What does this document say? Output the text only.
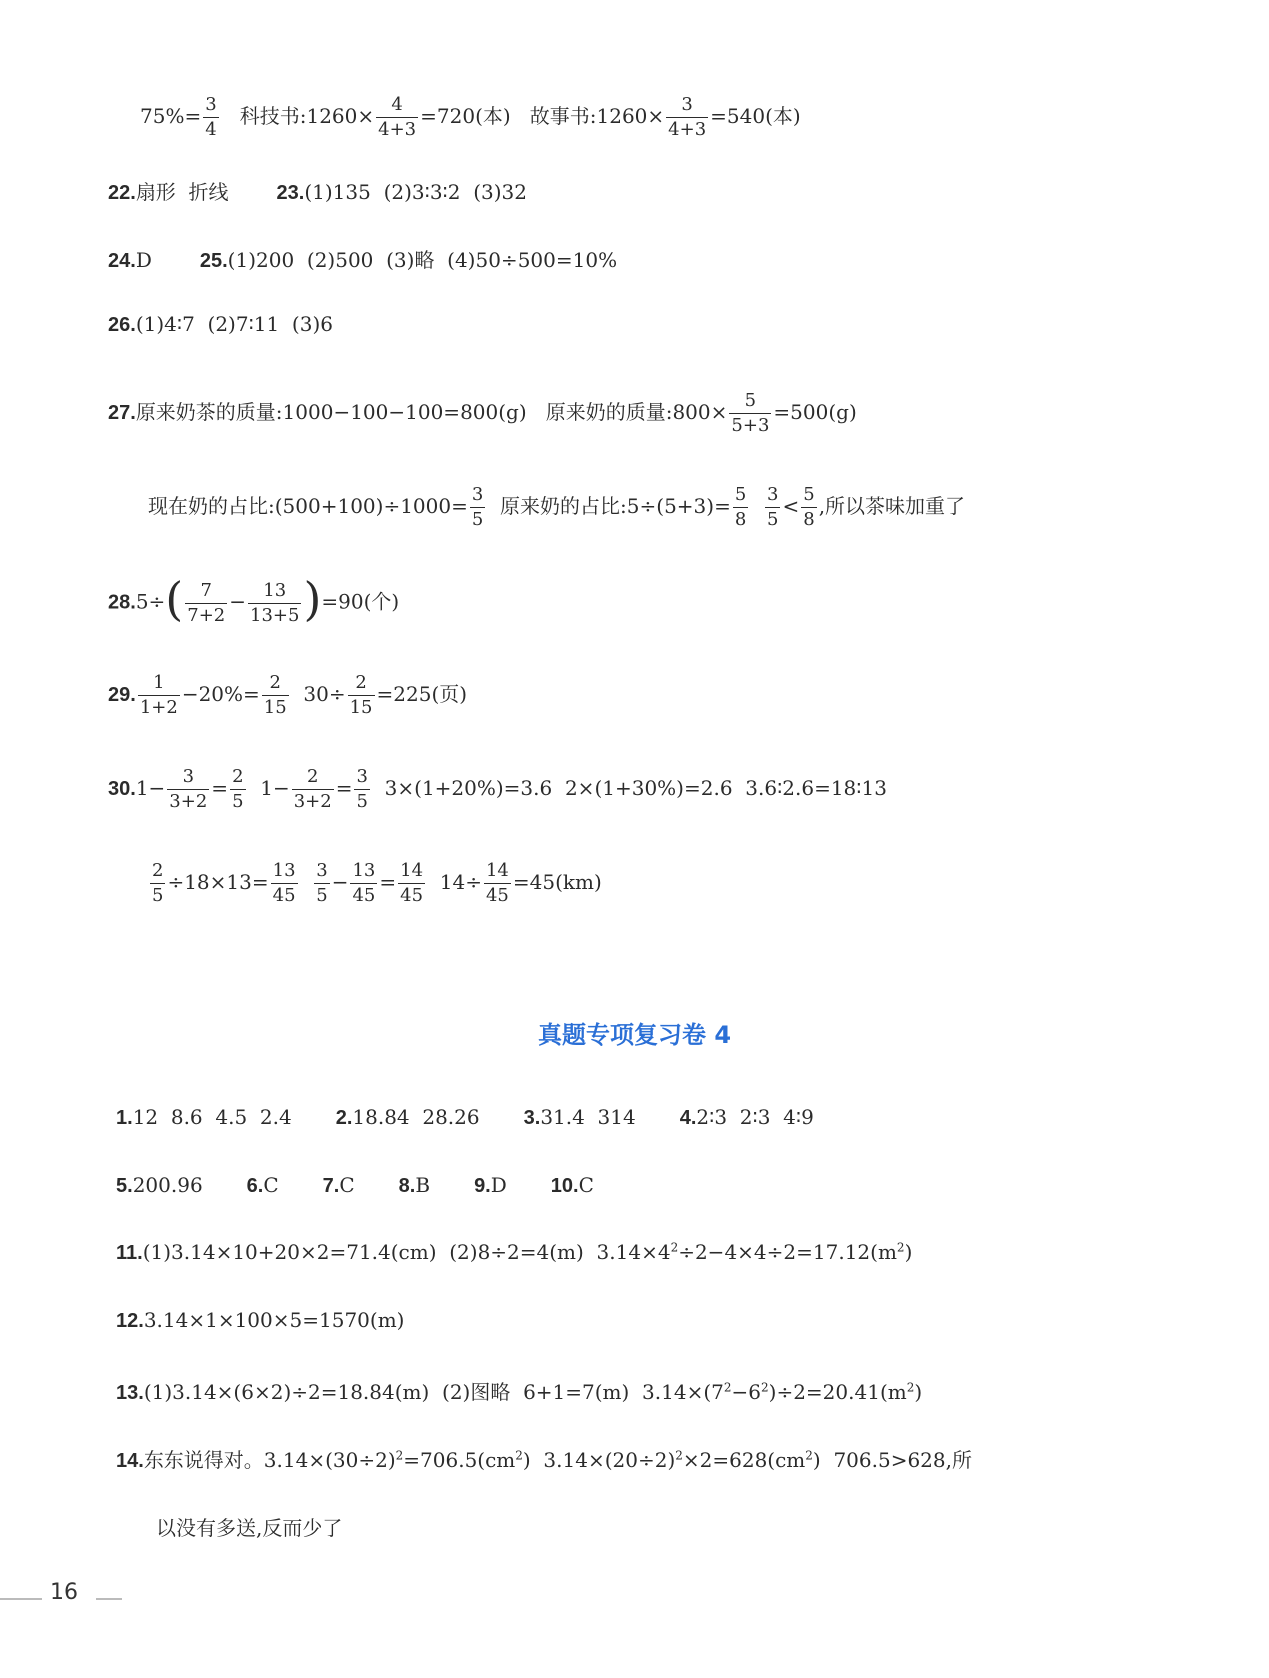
$75\%= \frac{3}{4}$ 科技书:1260× $\frac{4}{4+3} =720$(本)   故事书:1260× $\frac{3}{4+3} =540$(本)
22.扇形  折线 23.(1)135  (2)3∶3∶2  (3)32
24.D 25.(1)200  (2)500  (3)略  (4)50÷500=10%
26.(1)4∶7  (2)7∶11  (3)6
27.原来奶茶的质量:1000−100−100=800(g)   原来奶的质量:800× $\frac{5}{5+3} =500(g)$
现在奶的占比:(500+100)÷1000= $\frac{3}{5}$ 原来奶的占比:5÷(5+3)= $\frac{5}{8}$
$\frac{3}{5} < \frac{5}{8}$ ,所以茶味加重了
$28.5\div( \frac{7}{7+2} - \frac{13}{13+5} )=90$(个)
29. $\frac{1}{1+2} -20\%= \frac{2}{15} 30\div \frac{2}{15} =225$(页)
$30.1- \frac{3}{3+2} = \frac{2}{5} 1- \frac{2}{3+2} = \frac{3}{5} 3\times(1+20\%)=3.6$  2×(1+30%)=2.6  3.6∶2.6=18∶13
$\frac{2}{5} \div 18\times 13= \frac{13}{45}$
$\frac{3}{5} - \frac{13}{45} = \frac{14}{45} 14\div \frac{14}{45} =45(km)$
1.12  8.6  4.5  2.4 2.18.84  28.26 3.31.4  314 4.2∶3  2∶3  4∶9
5.200.96 6.C 7.C 8.B 9.D 10.C
11.(1)3.14×10+20×2=71.4(cm)  (2)8÷2=4(m)  $3.14\times 4^2\div 2-4\times 4\div 2=17.12(m^2)$
12.3.14×1×100×5=1570(m)
13.(1)3.14×(6×2)÷2=18.84(m)  (2)图略  6+1=7(m)  $3.14\times(7^2-6^2)\div 2=20.41(m^2)$
14.东东说得对。$3.14\times(30\div 2)^2=706.5(cm^2)$  $3.14\times(20\div 2)^2\times 2=628(cm^2)$  706.5>628,所
以没有多送,反而少了
真题专项复习卷 4
16
